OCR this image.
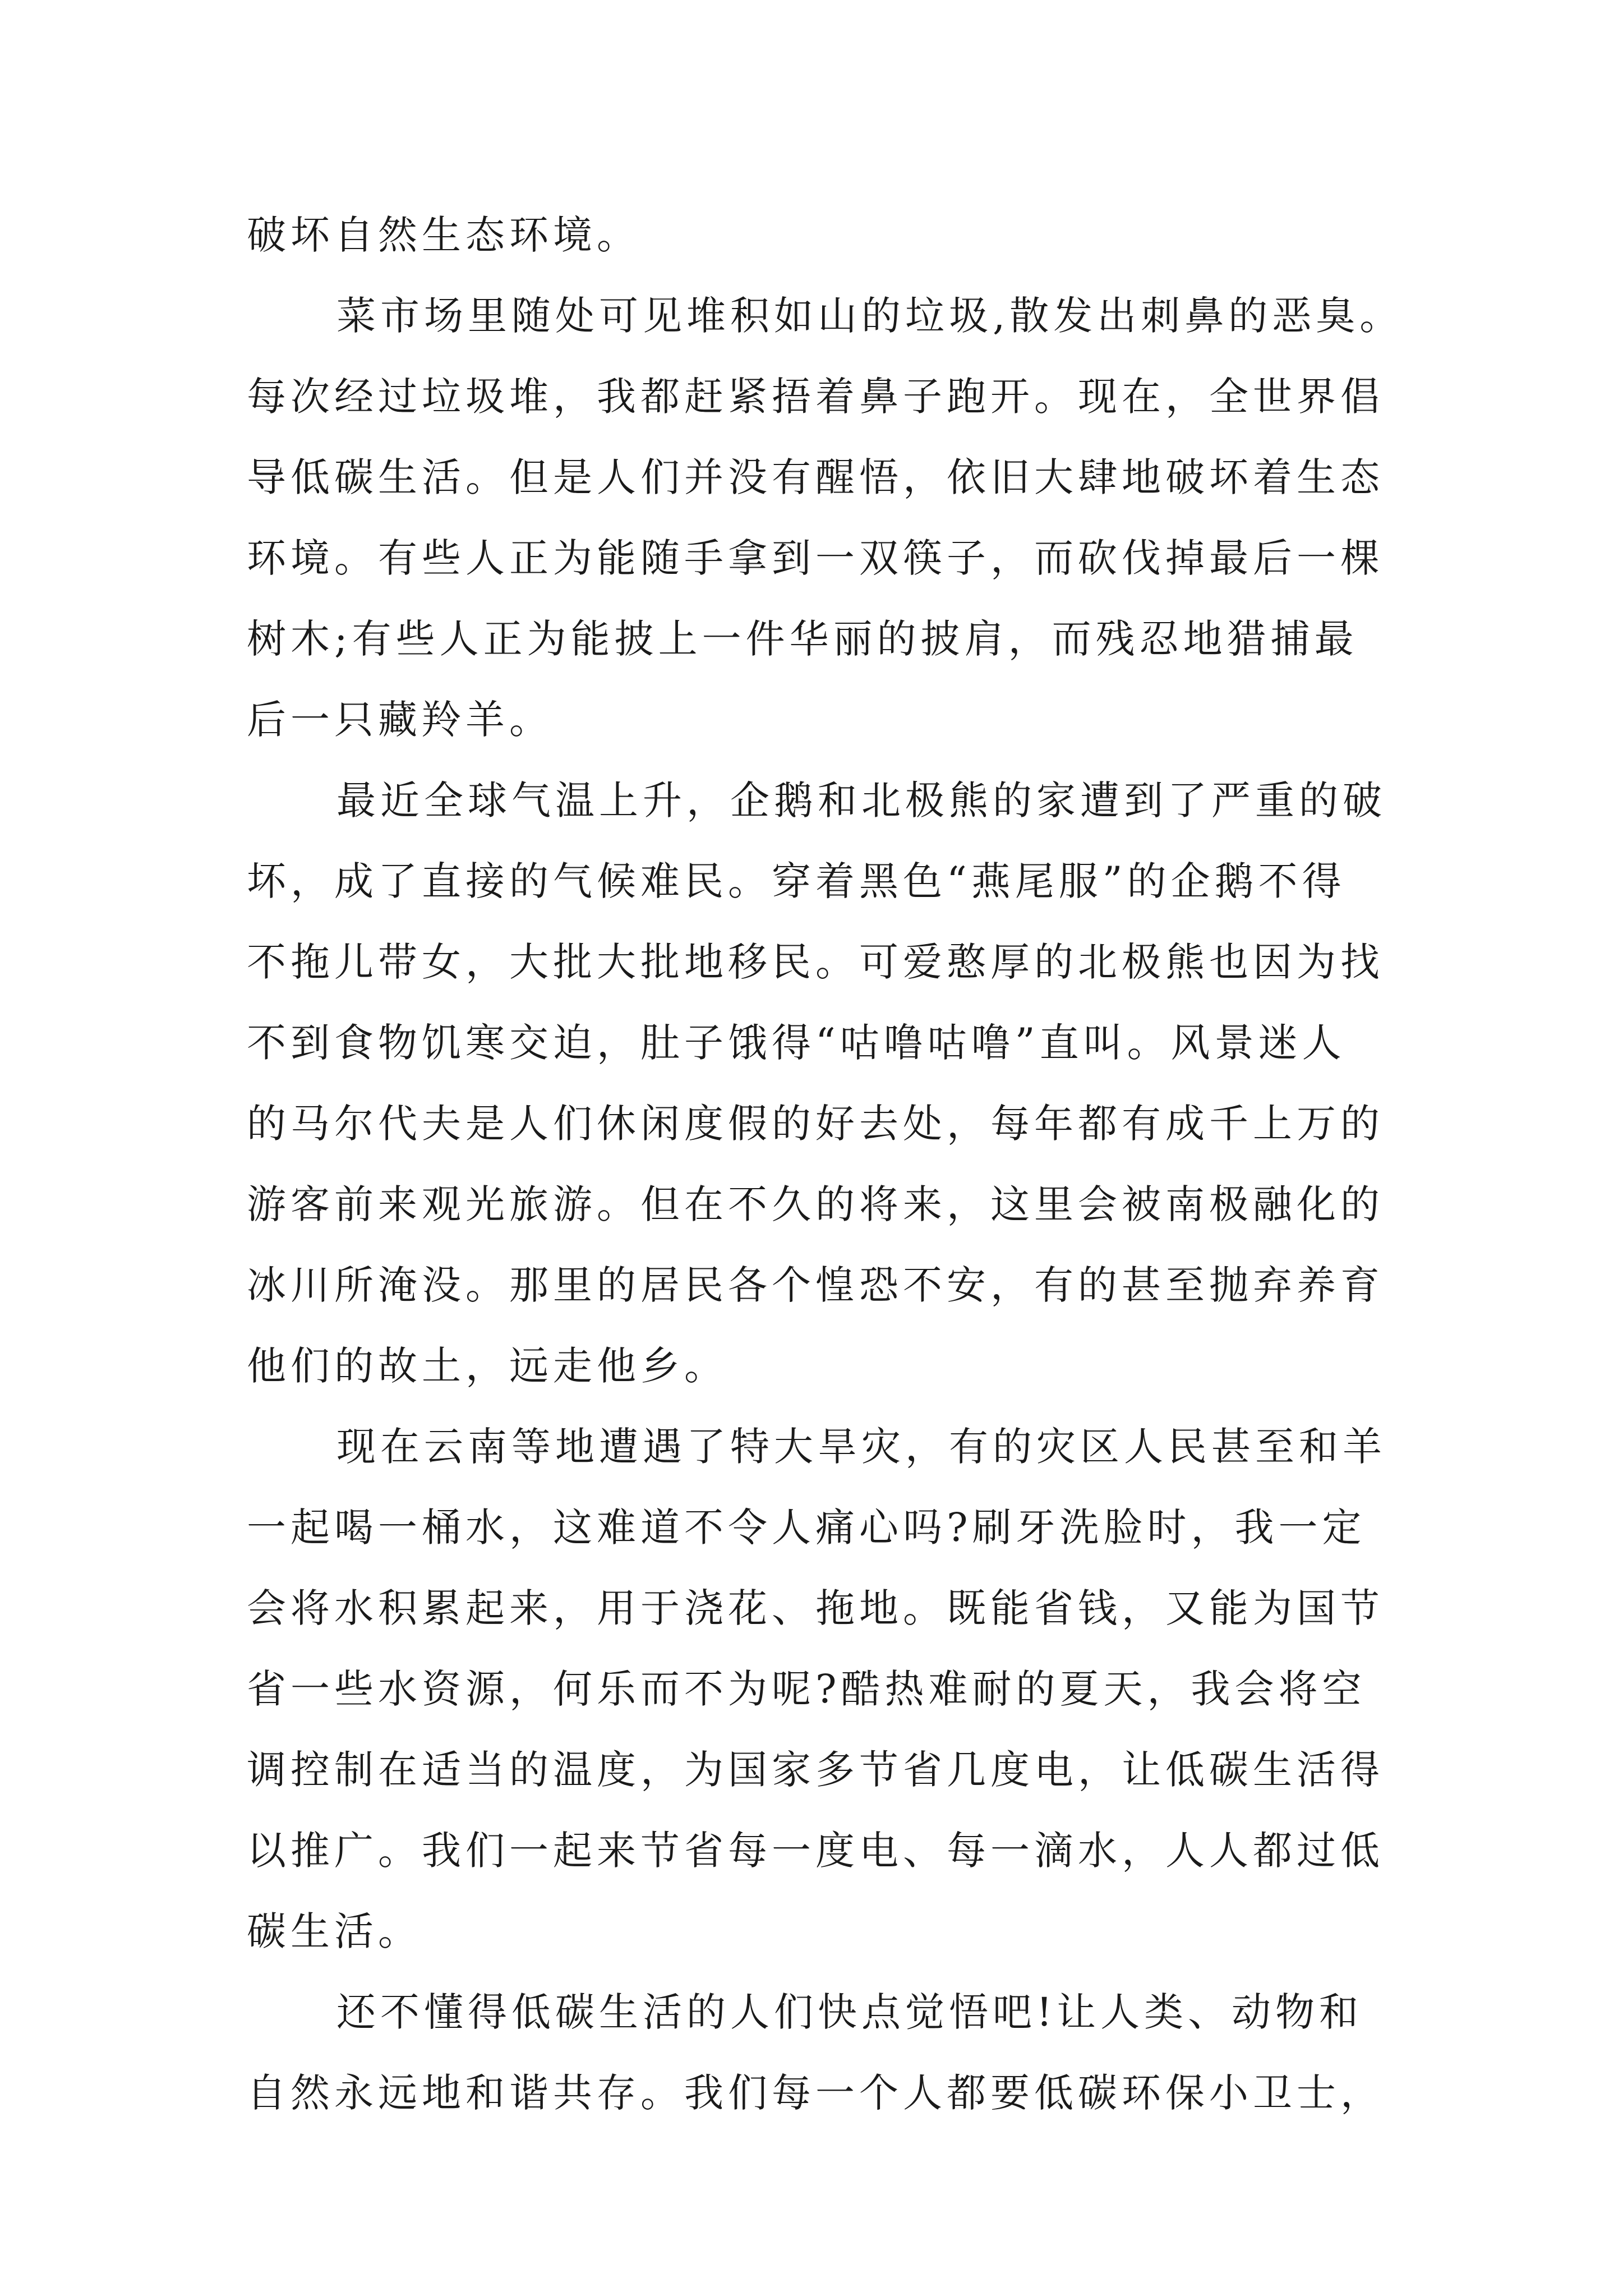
破坏自然生态环境。
菜市场里随处可见堆积如山的垃圾,散发出刺鼻的恶臭。
每次经过垃圾堆，我都赶紧捂着鼻子跑开。现在，全世界倡
导低碳生活。但是人们并没有醒悟，依旧大肆地破坏着生态
环境。有些人正为能随手拿到一双筷子，而砍伐掉最后一棵
树木;有些人正为能披上一件华丽的披肩，而残忍地猎捕最
后一只藏羚羊。
最近全球气温上升，企鹅和北极熊的家遭到了严重的破
坏，成了直接的气候难民。穿着黑色“燕尾服”的企鹅不得
不拖儿带女，大批大批地移民。可爱憨厚的北极熊也因为找
不到食物饥寒交迫，肚子饿得“咕噜咕噜”直叫。风景迷人
的马尔代夫是人们休闲度假的好去处，每年都有成千上万的
游客前来观光旅游。但在不久的将来，这里会被南极融化的
冰川所淹没。那里的居民各个惶恐不安，有的甚至抛弃养育
他们的故土，远走他乡。
现在云南等地遭遇了特大旱灾，有的灾区人民甚至和羊
一起喝一桶水，这难道不令人痛心吗?刷牙洗脸时，我一定
会将水积累起来，用于浇花、拖地。既能省钱，又能为国节
省一些水资源，何乐而不为呢?酷热难耐的夏天，我会将空
调控制在适当的温度，为国家多节省几度电，让低碳生活得
以推广。我们一起来节省每一度电、每一滴水，人人都过低
碳生活。
还不懂得低碳生活的人们快点觉悟吧!让人类、动物和
自然永远地和谐共存。我们每一个人都要低碳环保小卫士，
